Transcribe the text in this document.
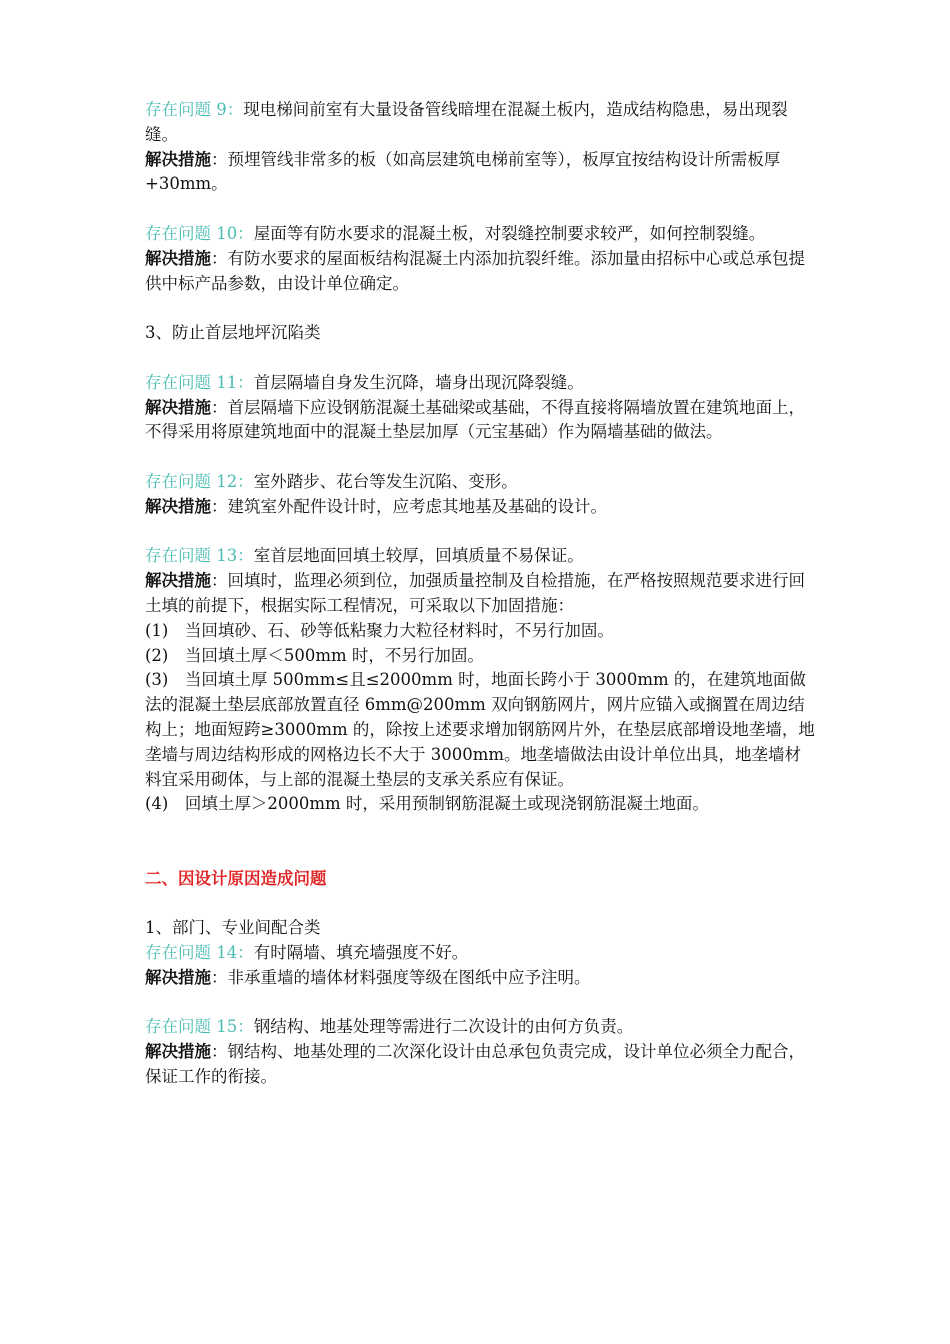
存在问题 9：现电梯间前室有大量设备管线暗埋在混凝土板内，造成结构隐患，易出现裂缝。

解决措施：预埋管线非常多的板（如高层建筑电梯前室等），板厚宜按结构设计所需板厚+30mm。

存在问题 10：屋面等有防水要求的混凝土板，对裂缝控制要求较严，如何控制裂缝。

解决措施：有防水要求的屋面板结构混凝土内添加抗裂纤维。添加量由招标中心或总承包提供中标产品参数，由设计单位确定。

3、防止首层地坪沉陷类

存在问题 11：首层隔墙自身发生沉降，墙身出现沉降裂缝。

解决措施：首层隔墙下应设钢筋混凝土基础梁或基础，不得直接将隔墙放置在建筑地面上，不得采用将原建筑地面中的混凝土垫层加厚（元宝基础）作为隔墙基础的做法。

存在问题 12：室外踏步、花台等发生沉陷、变形。

解决措施：建筑室外配件设计时，应考虑其地基及基础的设计。

存在问题 13：室首层地面回填土较厚，回填质量不易保证。

解决措施：回填时，监理必须到位，加强质量控制及自检措施，在严格按照规范要求进行回土填的前提下，根据实际工程情况，可采取以下加固措施：

(1)　当回填砂、石、砂等低粘聚力大粒径材料时，不另行加固。

(2)　当回填土厚＜500mm 时，不另行加固。

(3)　当回填土厚 500mm≤且≤2000mm 时，地面长跨小于 3000mm 的，在建筑地面做法的混凝土垫层底部放置直径 6mm@200mm 双向钢筋网片，网片应锚入或搁置在周边结构上；地面短跨≥3000mm 的，除按上述要求增加钢筋网片外，在垫层底部增设地垄墙，地垄墙与周边结构形成的网格边长不大于 3000mm。地垄墙做法由设计单位出具，地垄墙材料宜采用砌体，与上部的混凝土垫层的支承关系应有保证。

(4)　回填土厚＞2000mm 时，采用预制钢筋混凝土或现浇钢筋混凝土地面。

二、因设计原因造成问题

1、部门、专业间配合类

存在问题 14：有时隔墙、填充墙强度不好。

解决措施：非承重墙的墙体材料强度等级在图纸中应予注明。

存在问题 15：钢结构、地基处理等需进行二次设计的由何方负责。

解决措施：钢结构、地基处理的二次深化设计由总承包负责完成，设计单位必须全力配合，保证工作的衔接。
